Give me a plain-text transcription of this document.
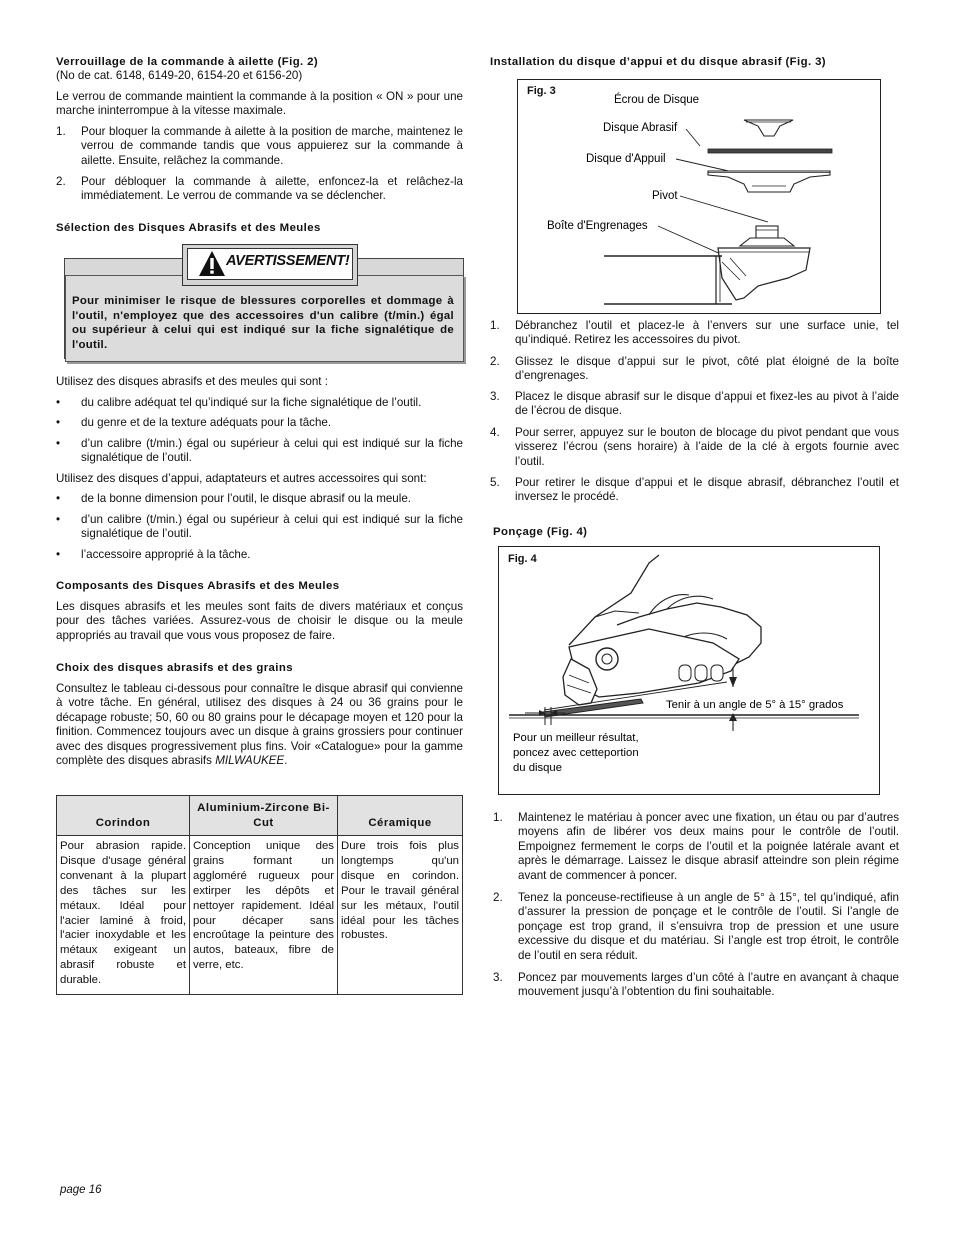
Verrouillage de la commande à ailette (Fig. 2)
(No de cat. 6148, 6149-20, 6154-20 et 6156-20)

Le verrou de commande maintient la commande à la position « ON » pour une marche ininterrompue à la vitesse maximale.

1. Pour bloquer la commande à ailette à la position de marche, maintenez le verrou de commande tandis que vous appuierez sur la commande à ailette. Ensuite, relâchez la commande.
2. Pour débloquer la commande à ailette, enfoncez-la et relâchez-la immédiatement. Le verrou de commande va se déclencher.
Sélection des Disques Abrasifs et des Meules
AVERTISSEMENT!
Pour minimiser le risque de blessures corporelles et dommage à l'outil, n'employez que des accessoires d'un calibre (t/min.) égal ou supérieur à celui qui est indiqué sur la fiche signalétique de l'outil.

Utilisez des disques abrasifs et des meules qui sont :

• du calibre adéquat tel qu’indiqué sur la fiche signalétique de l’outil.
• du genre et de la texture adéquats pour la tâche.
• d’un calibre (t/min.) égal ou supérieur à celui qui est indiqué sur la fiche signalétique de l’outil.

Utilisez des disques d’appui, adaptateurs et autres accessoires qui sont:

• de la bonne dimension pour l’outil, le disque abrasif ou la meule.
• d’un calibre (t/min.) égal ou supérieur à celui qui est indiqué sur la fiche signalétique de l’outil.
• l’accessoire approprié à la tâche.
Composants des Disques Abrasifs et des Meules

Les disques abrasifs et les meules sont faits de divers matériaux et conçus pour des tâches variées. Assurez-vous de choisir le disque ou la meule appropriés au travail que vous vous proposez de faire.

Choix des disques abrasifs et des grains

Consultez le tableau ci-dessous pour connaître le disque abrasif qui convienne à votre tâche. En général, utilisez des disques à 24 ou 36 grains pour le décapage robuste; 50, 60 ou 80 grains pour le décapage moyen et 120 pour la finition. Commencez toujours avec un disque à grains grossiers pour continuer avec des disques progressivement plus fins. Voir «Catalogue» pour la gamme complète des disques abrasifs MILWAUKEE.

Corindon	Aluminium-Zircone Bi-Cut	Céramique
Pour abrasion rapide. Disque d'usage général convenant à la plupart des tâches sur les métaux. Idéal pour l'acier laminé à froid, l'acier inoxydable et les métaux exigeant un abrasif robuste et durable.	Conception unique des grains formant un aggloméré rugueux pour extirper les dépôts et nettoyer rapidement. Idéal pour décaper sans encroûtage la peinture des autos, bateaux, fibre de verre, etc.	Dure trois fois plus longtemps qu'un disque en corindon. Pour le travail général sur les métaux, l'outil idéal pour les tâches robustes.
Installation du disque d’appui et du disque abrasif (Fig. 3)
Fig. 3
Écrou de Disque
Disque Abrasif
Disque d'Appuil
Pivot
Boîte d'Engrenages
1. Débranchez l’outil et placez-le à l’envers sur une surface unie, tel qu’indiqué. Retirez les accessoires du pivot.
2. Glissez le disque d’appui sur le pivot, côté plat éloigné de la boîte d’engrenages.
3. Placez le disque abrasif sur le disque d’appui et fixez-les au pivot à l’aide de l’écrou de disque.
4. Pour serrer, appuyez sur le bouton de blocage du pivot pendant que vous visserez l’écrou (sens horaire) à l’aide de la clé à ergots fournie avec l’outil.
5. Pour retirer le disque d’appui et le disque abrasif, débranchez l’outil et inversez le procédé.
Ponçage (Fig. 4)
Fig. 4
Tenir à un angle de 5° à 15° grados
Pour un meilleur résultat,
poncez avec cetteportion
du disque
1. Maintenez le matériau à poncer avec une fixation, un étau ou par d’autres moyens afin de libérer vos deux mains pour le contrôle de l’outil. Empoignez fermement le corps de l’outil et la poignée latérale avant et après le démarrage. Laissez le disque abrasif atteindre son plein régime avant de commencer à poncer.
2. Tenez la ponceuse-rectifieuse à un angle de 5° à 15°, tel qu’indiqué, afin d’assurer la pression de ponçage et le contrôle de l’outil. Si l’angle de ponçage est trop grand, il s’ensuivra trop de pression et une usure excessive du disque et du matériau. Si l’angle est trop étroit, le contrôle de l’outil en sera réduit.
3. Poncez par mouvements larges d’un côté à l’autre en avançant à chaque mouvement jusqu’à l’obtention du fini souhaitable.
page 16
